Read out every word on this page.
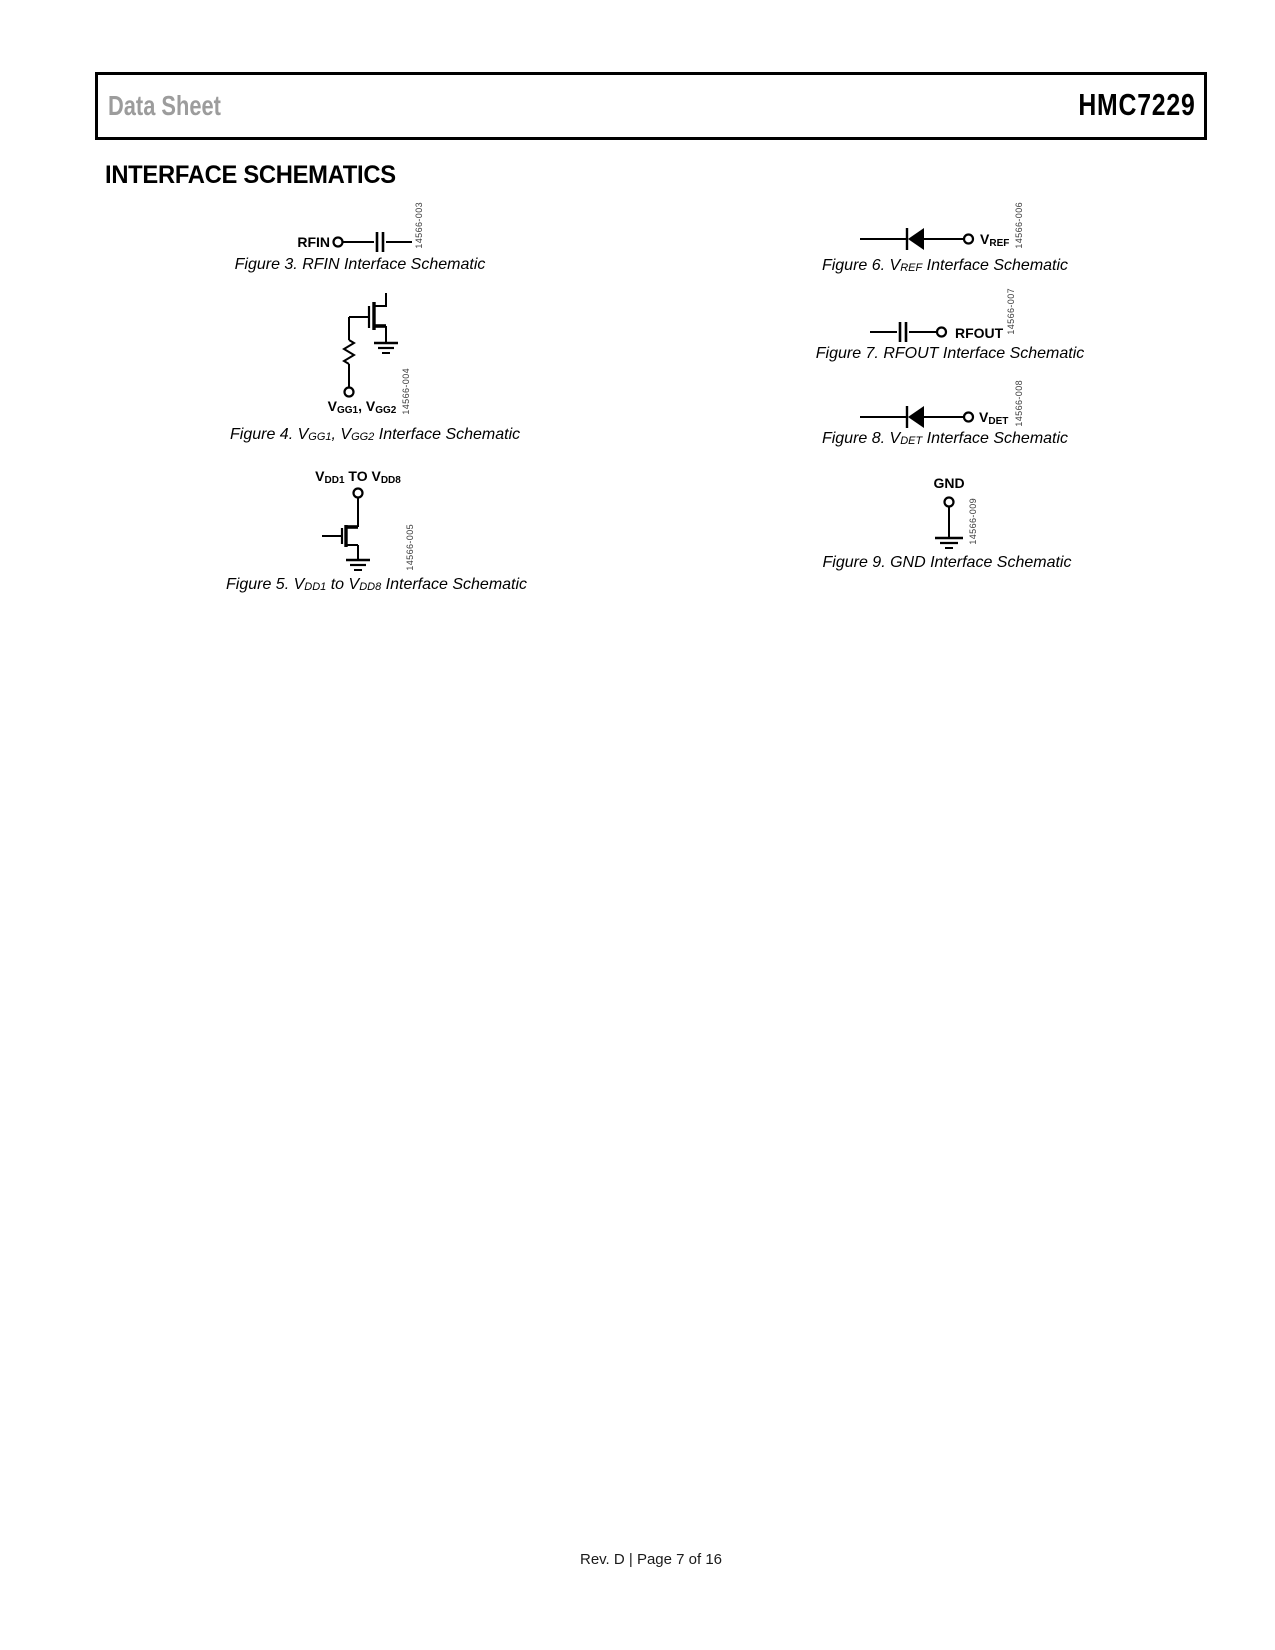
Data Sheet	HMC7229
INTERFACE SCHEMATICS
RFIN	14566-003
Figure 3. RFIN Interface Schematic
$V_{GG1}$, $V_{GG2}$ 14566-004
Figure 4. $V_{GG1}$, $V_{GG2}$ Interface Schematic
$V_{DD1}$ TO $V_{DD8}$
14566-005
Figure 5. $V_{DD1}$ to $V_{DD8}$ Interface Schematic
$V_{REF}$ 14566-006
Figure 6. $V_{REF}$ Interface Schematic
RFOUT 14566-007
Figure 7. RFOUT Interface Schematic
$V_{DET}$ 14566-008
Figure 8. $V_{DET}$ Interface Schematic
GND
14566-009
Figure 9. GND Interface Schematic
Rev. D | Page 7 of 16
